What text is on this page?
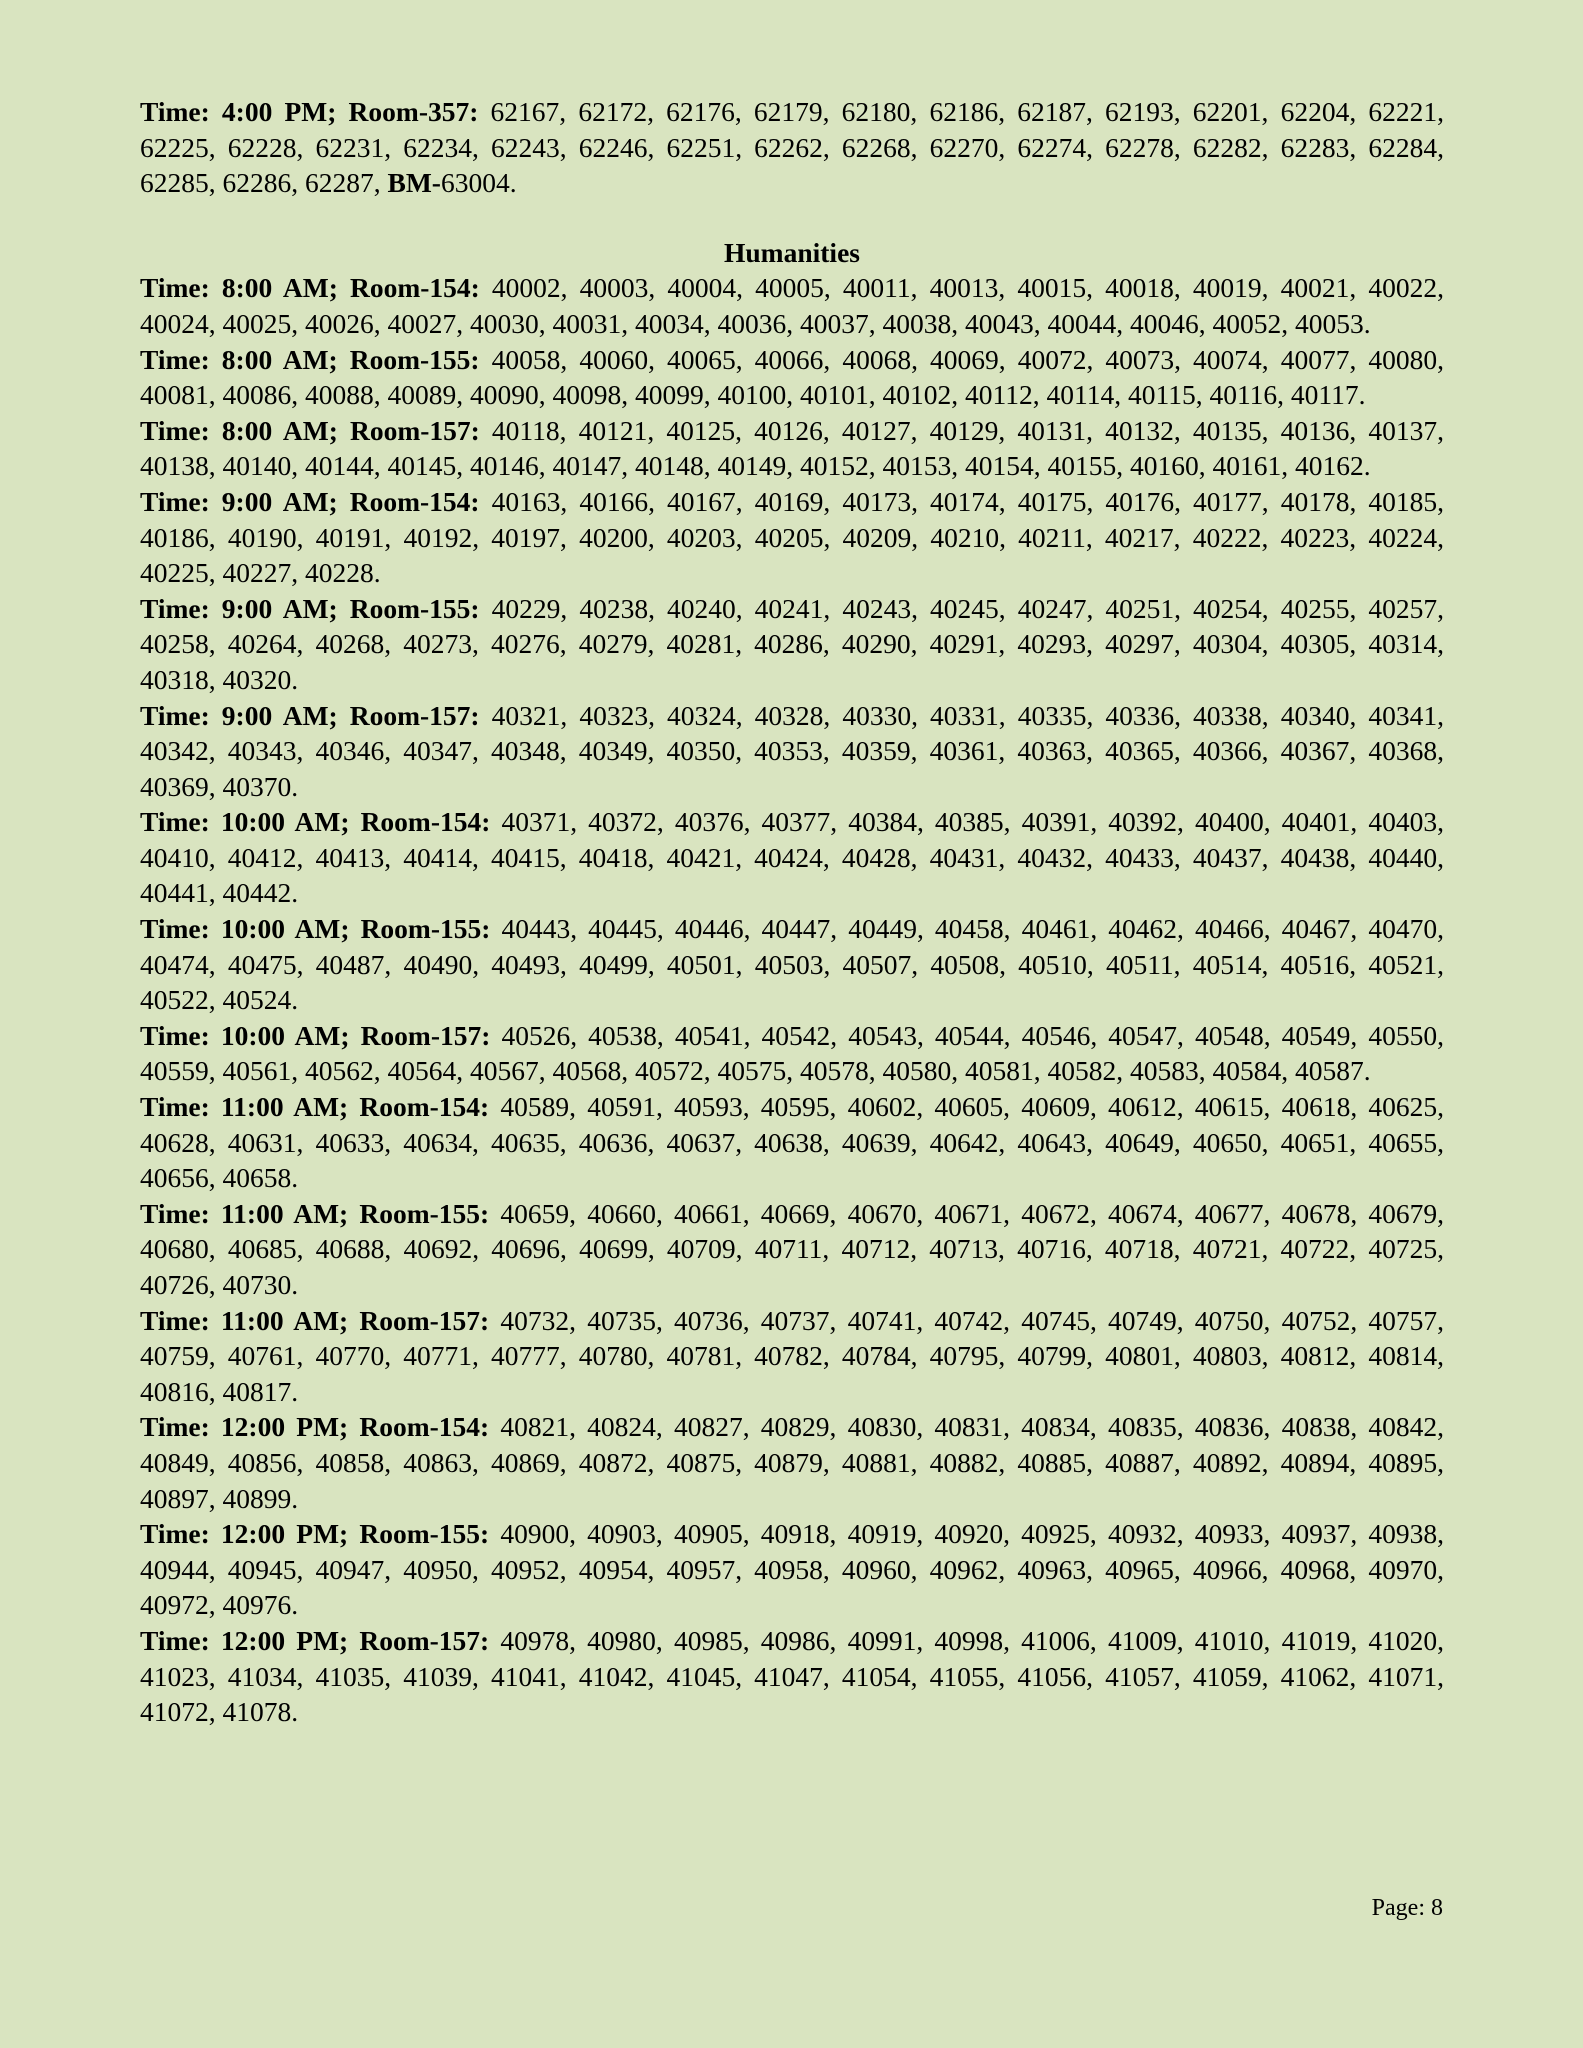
Time: 4:00 PM; Room-357: 62167, 62172, 62176, 62179, 62180, 62186, 62187, 62193, 62201, 62204, 62221, 62225, 62228, 62231, 62234, 62243, 62246, 62251, 62262, 62268, 62270, 62274, 62278, 62282, 62283, 62284, 62285, 62286, 62287, BM-63004.

Humanities

Time: 8:00 AM; Room-154: 40002, 40003, 40004, 40005, 40011, 40013, 40015, 40018, 40019, 40021, 40022, 40024, 40025, 40026, 40027, 40030, 40031, 40034, 40036, 40037, 40038, 40043, 40044, 40046, 40052, 40053.

Time: 8:00 AM; Room-155: 40058, 40060, 40065, 40066, 40068, 40069, 40072, 40073, 40074, 40077, 40080, 40081, 40086, 40088, 40089, 40090, 40098, 40099, 40100, 40101, 40102, 40112, 40114, 40115, 40116, 40117.

Time: 8:00 AM; Room-157: 40118, 40121, 40125, 40126, 40127, 40129, 40131, 40132, 40135, 40136, 40137, 40138, 40140, 40144, 40145, 40146, 40147, 40148, 40149, 40152, 40153, 40154, 40155, 40160, 40161, 40162.

Time: 9:00 AM; Room-154: 40163, 40166, 40167, 40169, 40173, 40174, 40175, 40176, 40177, 40178, 40185, 40186, 40190, 40191, 40192, 40197, 40200, 40203, 40205, 40209, 40210, 40211, 40217, 40222, 40223, 40224, 40225, 40227, 40228.

Time: 9:00 AM; Room-155: 40229, 40238, 40240, 40241, 40243, 40245, 40247, 40251, 40254, 40255, 40257, 40258, 40264, 40268, 40273, 40276, 40279, 40281, 40286, 40290, 40291, 40293, 40297, 40304, 40305, 40314, 40318, 40320.

Time: 9:00 AM; Room-157: 40321, 40323, 40324, 40328, 40330, 40331, 40335, 40336, 40338, 40340, 40341, 40342, 40343, 40346, 40347, 40348, 40349, 40350, 40353, 40359, 40361, 40363, 40365, 40366, 40367, 40368, 40369, 40370.

Time: 10:00 AM; Room-154: 40371, 40372, 40376, 40377, 40384, 40385, 40391, 40392, 40400, 40401, 40403, 40410, 40412, 40413, 40414, 40415, 40418, 40421, 40424, 40428, 40431, 40432, 40433, 40437, 40438, 40440, 40441, 40442.

Time: 10:00 AM; Room-155: 40443, 40445, 40446, 40447, 40449, 40458, 40461, 40462, 40466, 40467, 40470, 40474, 40475, 40487, 40490, 40493, 40499, 40501, 40503, 40507, 40508, 40510, 40511, 40514, 40516, 40521, 40522, 40524.

Time: 10:00 AM; Room-157: 40526, 40538, 40541, 40542, 40543, 40544, 40546, 40547, 40548, 40549, 40550, 40559, 40561, 40562, 40564, 40567, 40568, 40572, 40575, 40578, 40580, 40581, 40582, 40583, 40584, 40587.

Time: 11:00 AM; Room-154: 40589, 40591, 40593, 40595, 40602, 40605, 40609, 40612, 40615, 40618, 40625, 40628, 40631, 40633, 40634, 40635, 40636, 40637, 40638, 40639, 40642, 40643, 40649, 40650, 40651, 40655, 40656, 40658.

Time: 11:00 AM; Room-155: 40659, 40660, 40661, 40669, 40670, 40671, 40672, 40674, 40677, 40678, 40679, 40680, 40685, 40688, 40692, 40696, 40699, 40709, 40711, 40712, 40713, 40716, 40718, 40721, 40722, 40725, 40726, 40730.

Time: 11:00 AM; Room-157: 40732, 40735, 40736, 40737, 40741, 40742, 40745, 40749, 40750, 40752, 40757, 40759, 40761, 40770, 40771, 40777, 40780, 40781, 40782, 40784, 40795, 40799, 40801, 40803, 40812, 40814, 40816, 40817.

Time: 12:00 PM; Room-154: 40821, 40824, 40827, 40829, 40830, 40831, 40834, 40835, 40836, 40838, 40842, 40849, 40856, 40858, 40863, 40869, 40872, 40875, 40879, 40881, 40882, 40885, 40887, 40892, 40894, 40895, 40897, 40899.

Time: 12:00 PM; Room-155: 40900, 40903, 40905, 40918, 40919, 40920, 40925, 40932, 40933, 40937, 40938, 40944, 40945, 40947, 40950, 40952, 40954, 40957, 40958, 40960, 40962, 40963, 40965, 40966, 40968, 40970, 40972, 40976.

Time: 12:00 PM; Room-157: 40978, 40980, 40985, 40986, 40991, 40998, 41006, 41009, 41010, 41019, 41020, 41023, 41034, 41035, 41039, 41041, 41042, 41045, 41047, 41054, 41055, 41056, 41057, 41059, 41062, 41071, 41072, 41078.

Page: 8
